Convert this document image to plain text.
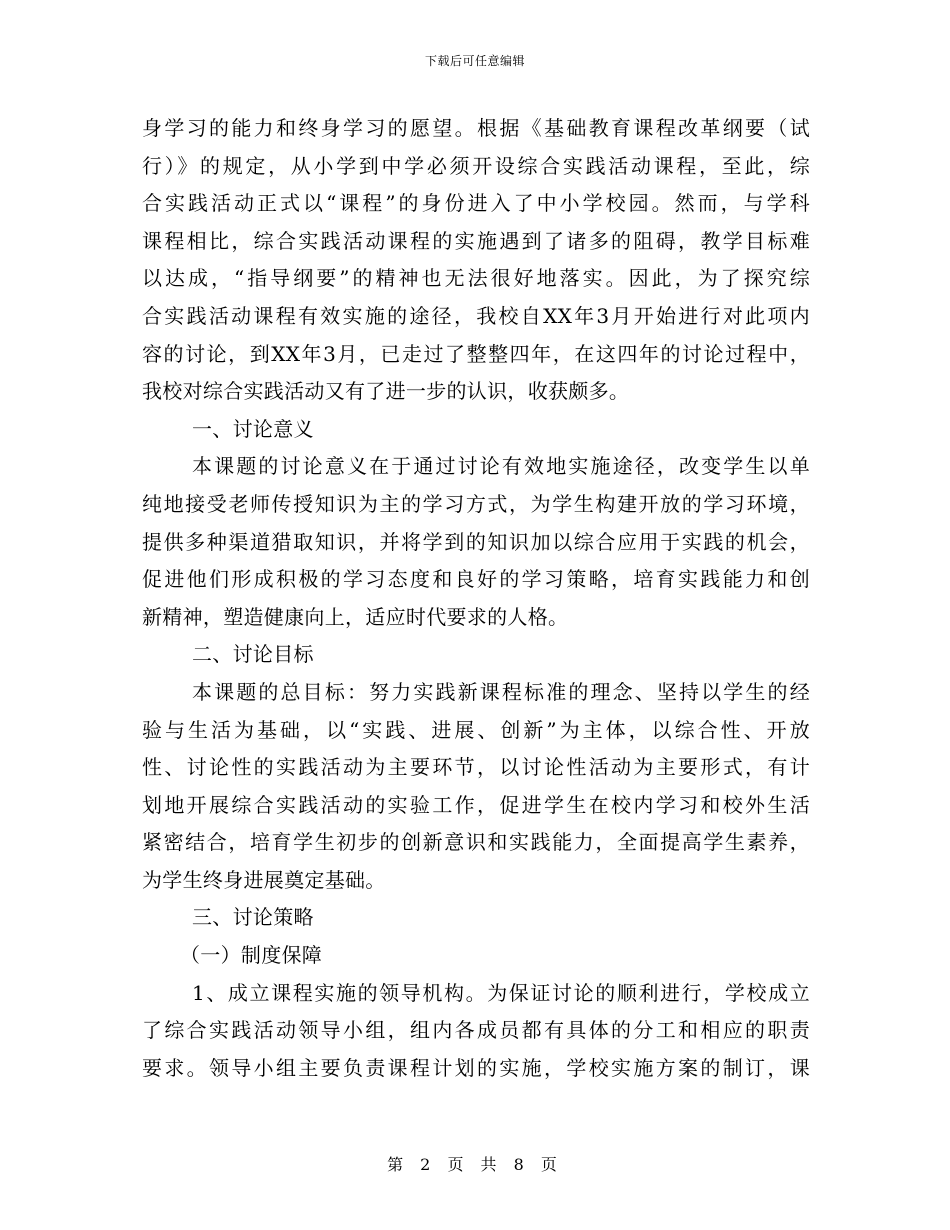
下载后可任意编辑
身学习的能力和终身学习的愿望。根据《基础教育课程改革纲要（试
行）》的规定，从小学到中学必须开设综合实践活动课程，至此，综
合实践活动正式以“课程”的身份进入了中小学校园。然而，与学科
课程相比，综合实践活动课程的实施遇到了诸多的阻碍，教学目标难
以达成，“指导纲要”的精神也无法很好地落实。因此，为了探究综
合实践活动课程有效实施的途径，我校自XX年3月开始进行对此项内
容的讨论，到XX年3月，已走过了整整四年，在这四年的讨论过程中，
我校对综合实践活动又有了进一步的认识，收获颇多。
一、讨论意义
本课题的讨论意义在于通过讨论有效地实施途径，改变学生以单
纯地接受老师传授知识为主的学习方式，为学生构建开放的学习环境，
提供多种渠道猎取知识，并将学到的知识加以综合应用于实践的机会，
促进他们形成积极的学习态度和良好的学习策略，培育实践能力和创
新精神，塑造健康向上，适应时代要求的人格。
二、讨论目标
本课题的总目标：努力实践新课程标准的理念、坚持以学生的经
验与生活为基础，以“实践、进展、创新”为主体，以综合性、开放
性、讨论性的实践活动为主要环节，以讨论性活动为主要形式，有计
划地开展综合实践活动的实验工作，促进学生在校内学习和校外生活
紧密结合，培育学生初步的创新意识和实践能力，全面提高学生素养，
为学生终身进展奠定基础。
三、讨论策略
（一）制度保障
1、成立课程实施的领导机构。为保证讨论的顺利进行，学校成立
了综合实践活动领导小组，组内各成员都有具体的分工和相应的职责
要求。领导小组主要负责课程计划的实施，学校实施方案的制订，课
第 2 页 共 8 页
